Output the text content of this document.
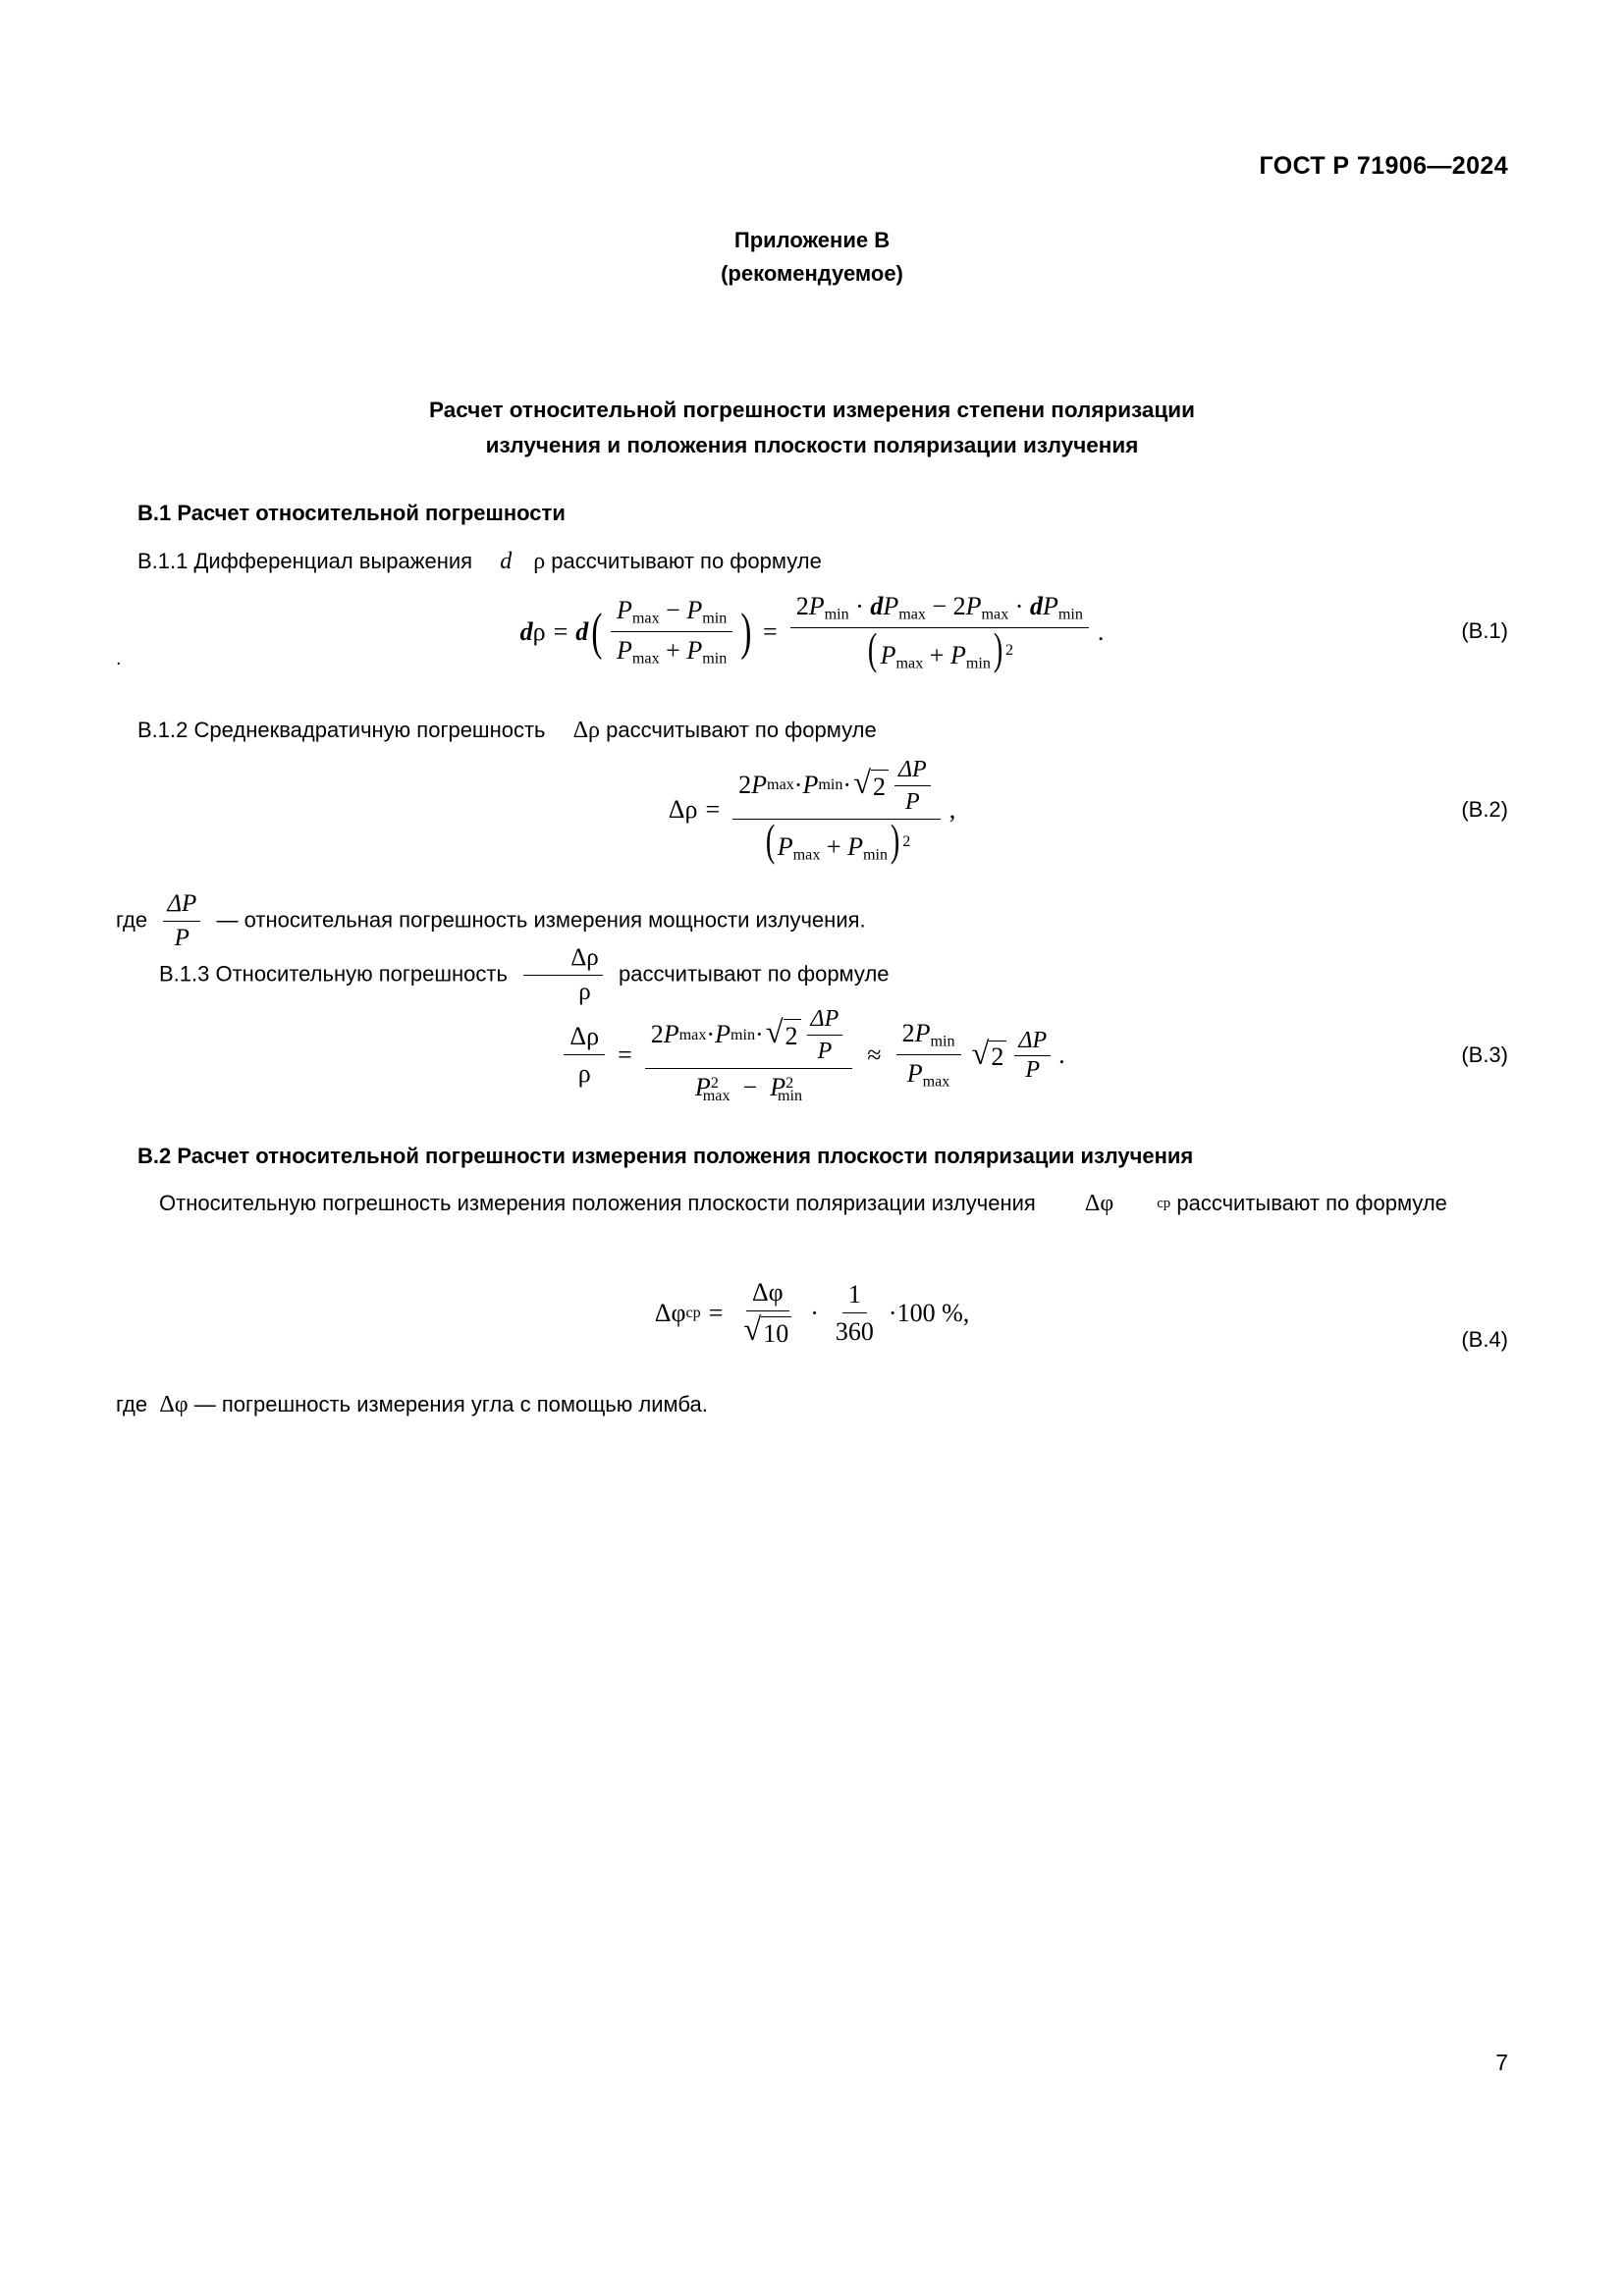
ГОСТ Р 71906—2024
Приложение В
(рекомендуемое)
Расчет относительной погрешности измерения степени поляризации
излучения и положения плоскости поляризации излучения

В.1 Расчет относительной погрешности

В.1.1 Дифференциал выражения d ρ рассчитывают по формуле

.
d ρ = d ( $\frac{P_{max} - P_{min}}{P_{max} + P_{min}}$ ) = $\frac{2P_{min} \cdot dP_{max} - 2P_{max} \cdot dP_{min}}{( P_{max} + P_{min} ) ^2}$ .	(В.1)

В.1.2 Среднеквадратичную погрешность Δρ рассчитывают по формуле

$\Delta\rho = \frac{2 P \max \cdot P \min \cdot √ 2 \frac{\Delta P}{P}}{( P_{max} + P_{min} ) ^2}$ ,	(В.2)

где $\frac{\Delta P}{P}$ — относительная погрешность измерения мощности излучения.

В.1.3 Относительную погрешность $\frac{\Delta\rho}{\rho}$ рассчитывают по формуле

$\frac{\Delta\rho}{\rho} = \frac{2 P \max \cdot P \min \cdot √ 2 \frac{\Delta P}{P}}{P^2_{max} - P^2_{min}} \approx \frac{2P_{min}}{P_{max}}$ √ $2 \frac{\Delta P}{P}$ .	(В.3)

В.2 Расчет относительной погрешности измерения положения плоскости поляризации излучения

Относительную погрешность измерения положения плоскости поляризации излучения Δφ	ср рассчитывают по формуле

Δφ ср = $\frac{\Delta\varphi}{√ 10} \cdot \frac{1}{360} \cdot 100$ %,
(В.4)

где  Δφ — погрешность измерения угла с помощью лимба.

7
